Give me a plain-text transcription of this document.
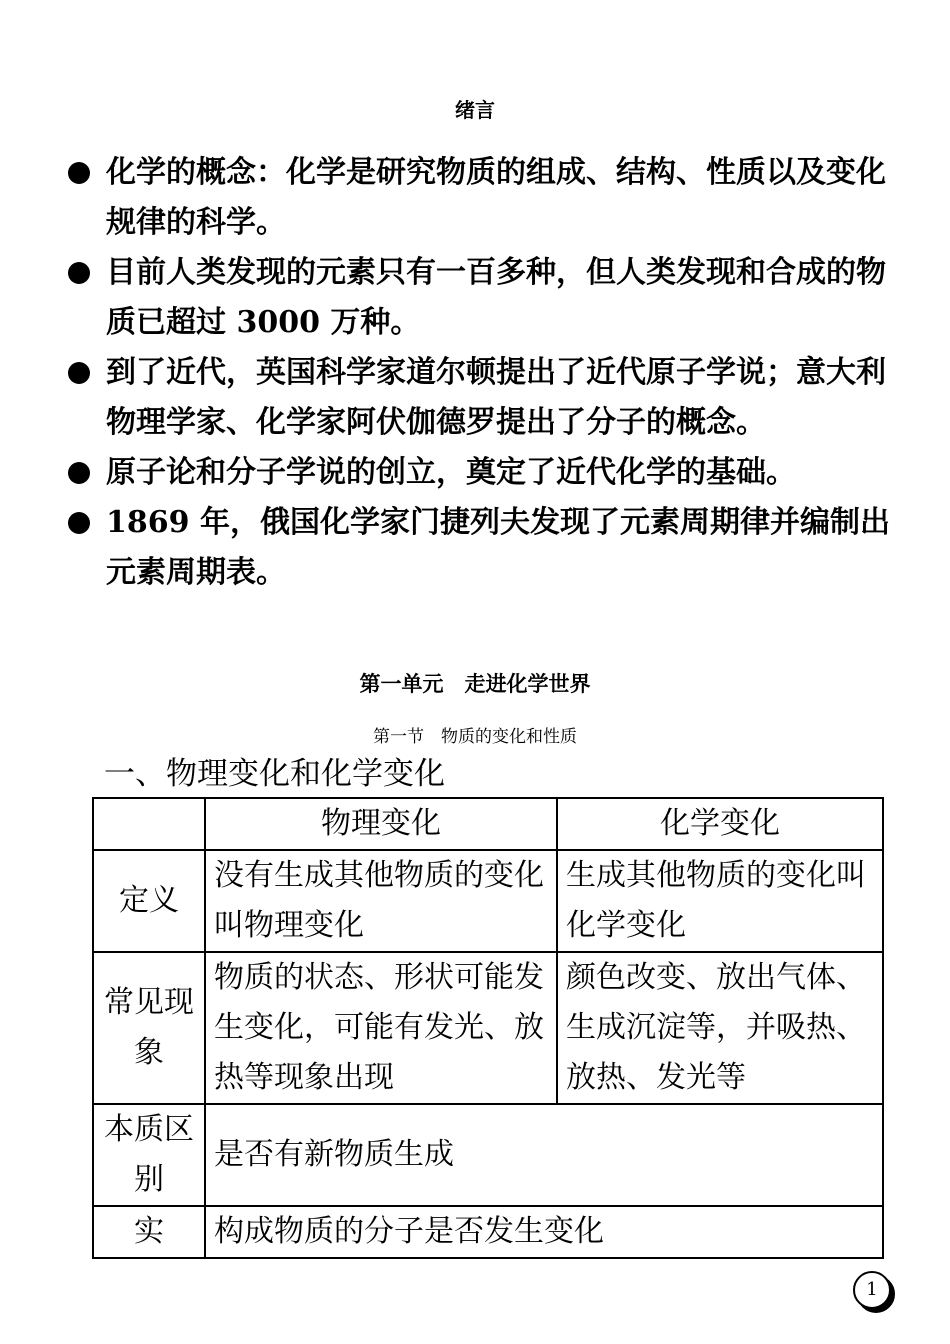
绪言
化学的概念：化学是研究物质的组成、结构、性质以及变化规律的科学。
目前人类发现的元素只有一百多种，但人类发现和合成的物质已超过 3000 万种。
到了近代，英国科学家道尔顿提出了近代原子学说；意大利物理学家、化学家阿伏伽德罗提出了分子的概念。
原子论和分子学说的创立，奠定了近代化学的基础。
1869 年，俄国化学家门捷列夫发现了元素周期律并编制出元素周期表。
第一单元　走进化学世界
第一节　物质的变化和性质
一、物理变化和化学变化
	物理变化	化学变化
定义	没有生成其他物质的变化叫物理变化	生成其他物质的变化叫化学变化
常见现象	物质的状态、形状可能发生变化，可能有发光、放热等现象出现	颜色改变、放出气体、生成沉淀等，并吸热、放热、发光等
本质区别	是否有新物质生成	
实	构成物质的分子是否发生变化	
1
